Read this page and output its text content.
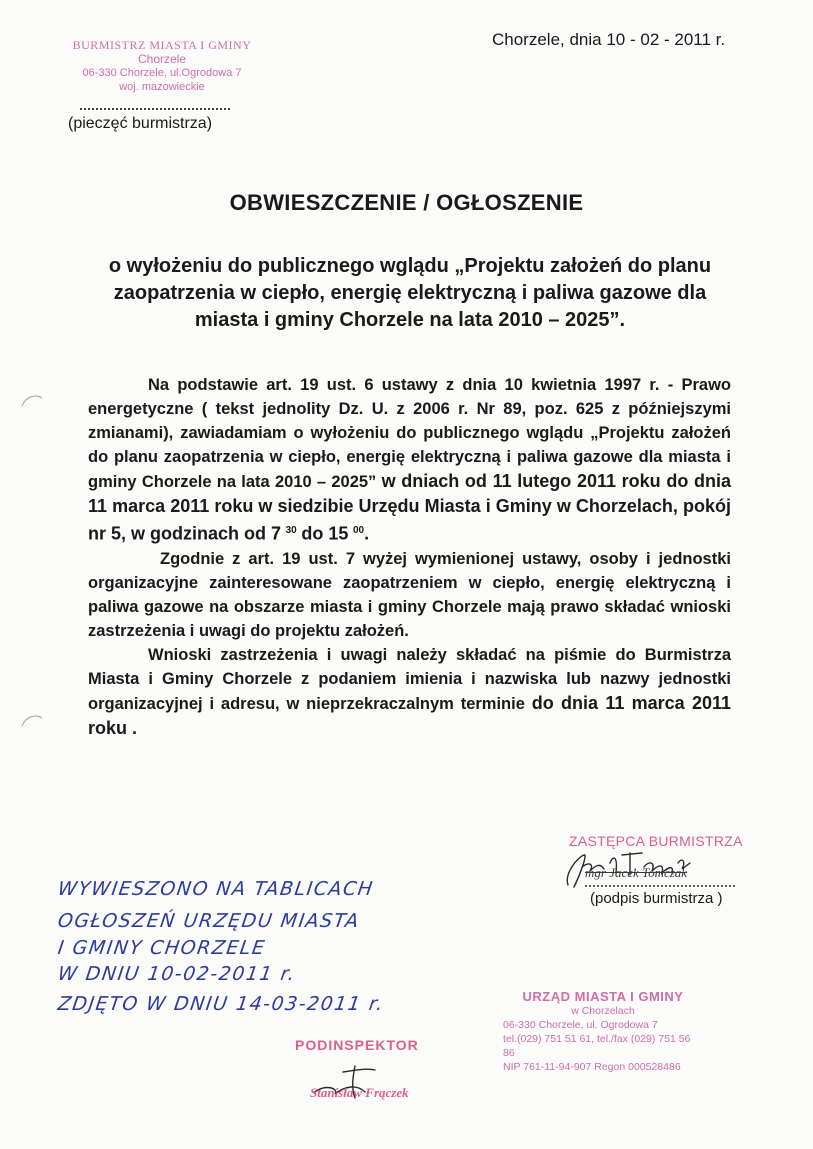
BURMISTRZ MIASTA I GMINY
Chorzele
06-330 Chorzele, ul.Ogrodowa 7
woj. mazowieckie
(pieczęć burmistrza)
Chorzele, dnia 10 - 02 - 2011 r.
OBWIESZCZENIE / OGŁOSZENIE
o wyłożeniu do publicznego wglądu „Projektu założeń do planu zaopatrzenia w ciepło, energię elektryczną i paliwa gazowe dla miasta i gminy Chorzele na lata 2010 – 2025”.

Na podstawie art. 19 ust. 6 ustawy z dnia 10 kwietnia 1997 r. - Prawo energetyczne ( tekst jednolity Dz. U. z 2006 r. Nr 89, poz. 625 z późniejszymi zmianami), zawiadamiam o wyłożeniu do publicznego wglądu „Projektu założeń do planu zaopatrzenia w ciepło, energię elektryczną i paliwa gazowe dla miasta i gminy Chorzele na lata 2010 – 2025” w dniach od 11 lutego 2011 roku do dnia 11 marca 2011 roku w siedzibie Urzędu Miasta i Gminy w Chorzelach, pokój nr 5, w godzinach od 7 $^{30}$ do 15 $^{00}$.

Zgodnie z art. 19 ust. 7 wyżej wymienionej ustawy, osoby i jednostki organizacyjne zainteresowane zaopatrzeniem w ciepło, energię elektryczną i paliwa gazowe na obszarze miasta i gminy Chorzele mają prawo składać wnioski zastrzeżenia i uwagi do projektu założeń.

Wnioski zastrzeżenia i uwagi należy składać na piśmie do Burmistrza Miasta i Gminy Chorzele z podaniem imienia i nazwiska lub nazwy jednostki organizacyjnej i adresu, w nieprzekraczalnym terminie do dnia 11 marca 2011 roku .

ZASTĘPCA BURMISTRZA
mgr Jacek Tomczak
(podpis burmistrza )
WYWIESZONO NA TABLICACH
OGŁOSZEŃ URZĘDU MIASTA
I GMINY CHORZELE
W DNIU 10-02-2011 r.
ZDJĘTO W DNIU 14-03-2011 r.	URZĄD MIASTA I GMINY
w Chorzelach
06-330 Chorzele, ul. Ogrodowa 7
tel.(029) 751 51 61, tel./fax (029) 751 56 86
NIP 761-11-94-907 Regon 000528486
PODINSPEKTOR
Stanisław Frączek
